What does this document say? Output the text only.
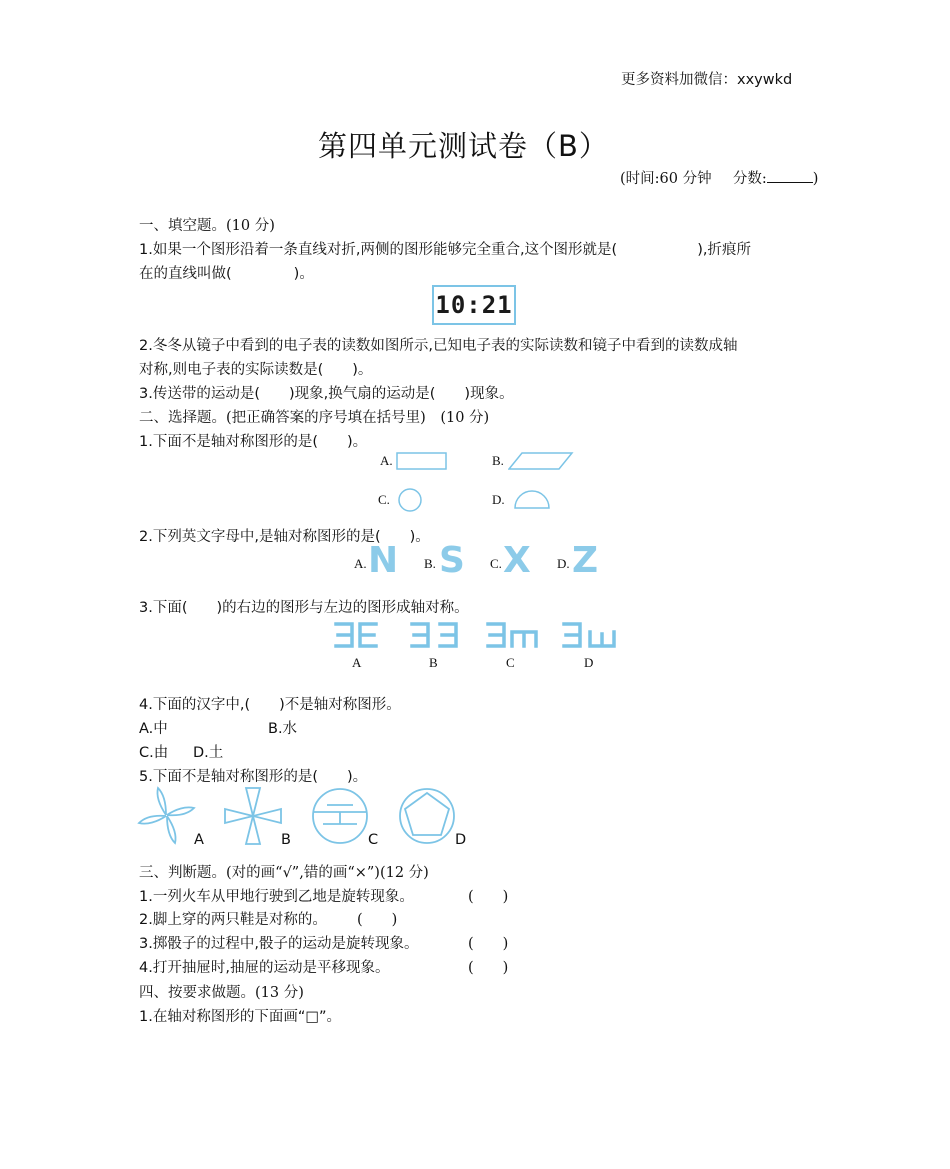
更多资料加微信：xxywkd
第四单元测试卷（B）
(时间:60 分钟 分数:	)
一、填空题。(10 分)
1.如果一个图形沿着一条直线对折,两侧的图形能够完全重合,这个图形就是(	),折痕所
在的直线叫做(	)。
10:21
2.冬冬从镜子中看到的电子表的读数如图所示,已知电子表的实际读数和镜子中看到的读数成轴
对称,则电子表的实际读数是(　　)。
3.传送带的运动是(　　)现象,换气扇的运动是(　　)现象。
二、选择题。(把正确答案的序号填在括号里)　(10 分)
1.下面不是轴对称图形的是(　　)。
A.	B.
C.	D.
2.下列英文字母中,是轴对称图形的是(　　)。
A. N B. S C. X D. Z
3.下面(　　)的右边的图形与左边的图形成轴对称。
A	B	C	D
4.下面的汉字中,(　　)不是轴对称图形。
A.中	B.水
C.由 D.土
5.下面不是轴对称图形的是(　　)。
A	B	C	D
三、判断题。(对的画“√”,错的画“×”)(12 分)
1.一列火车从甲地行驶到乙地是旋转现象。	(　　)
2.脚上穿的两只鞋是对称的。 (　　)
3.掷骰子的过程中,骰子的运动是旋转现象。	(　　)
4.打开抽屉时,抽屉的运动是平移现象。	(　　)
四、按要求做题。(13 分)
1.在轴对称图形的下面画“□”。
